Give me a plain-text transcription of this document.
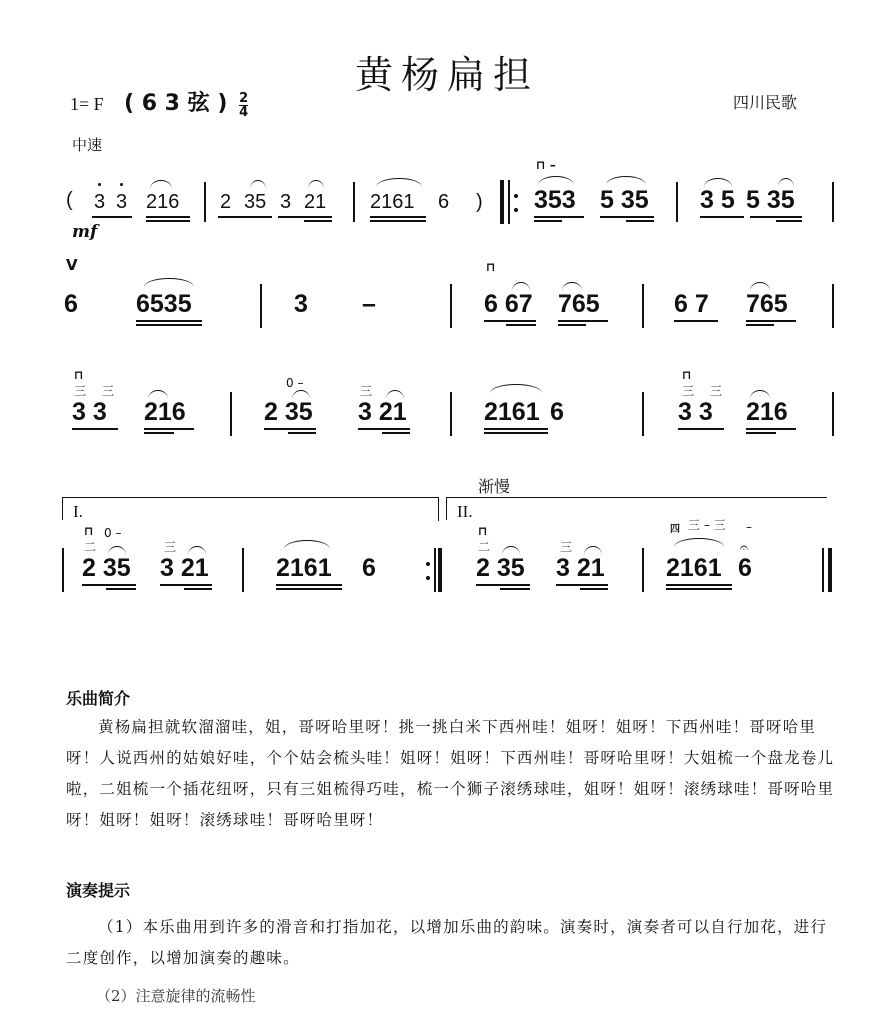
黄杨扁担
1= F ( 6 3 弦 ) $\frac{2}{4}$	四川民歌
中速
mf
( 3 3 216 2 35 3 21 2161 6 )
⊓ –
353 5 35 3 5 5 35
V
6 6535	3 –
⊓
6 67 765	6 7 765
⊓
三 三
3 3 216
0 –
2 35
三
3 21	2161 6
⊓
三 三
3 3 216
渐慢
I.	II.
⊓
二
0 –
2 35
三
3 21	2161 6
⊓
二
2 35
三
3 21
四 三 – 三 –
2161 6
𝄐
乐曲简介
黄杨扁担就软溜溜哇，姐，哥呀哈里呀！挑一挑白米下西州哇！姐呀！姐呀！下西州哇！哥呀哈里呀！人说西州的姑娘好哇，个个姑会梳头哇！姐呀！姐呀！下西州哇！哥呀哈里呀！大姐梳一个盘龙卷儿啦，二姐梳一个插花纽呀，只有三姐梳得巧哇，梳一个狮子滚绣球哇，姐呀！姐呀！滚绣球哇！哥呀哈里呀！姐呀！姐呀！滚绣球哇！哥呀哈里呀！
演奏提示
（1）本乐曲用到许多的滑音和打指加花，以增加乐曲的韵味。演奏时，演奏者可以自行加花，进行二度创作，以增加演奏的趣味。
（2）注意旋律的流畅性
